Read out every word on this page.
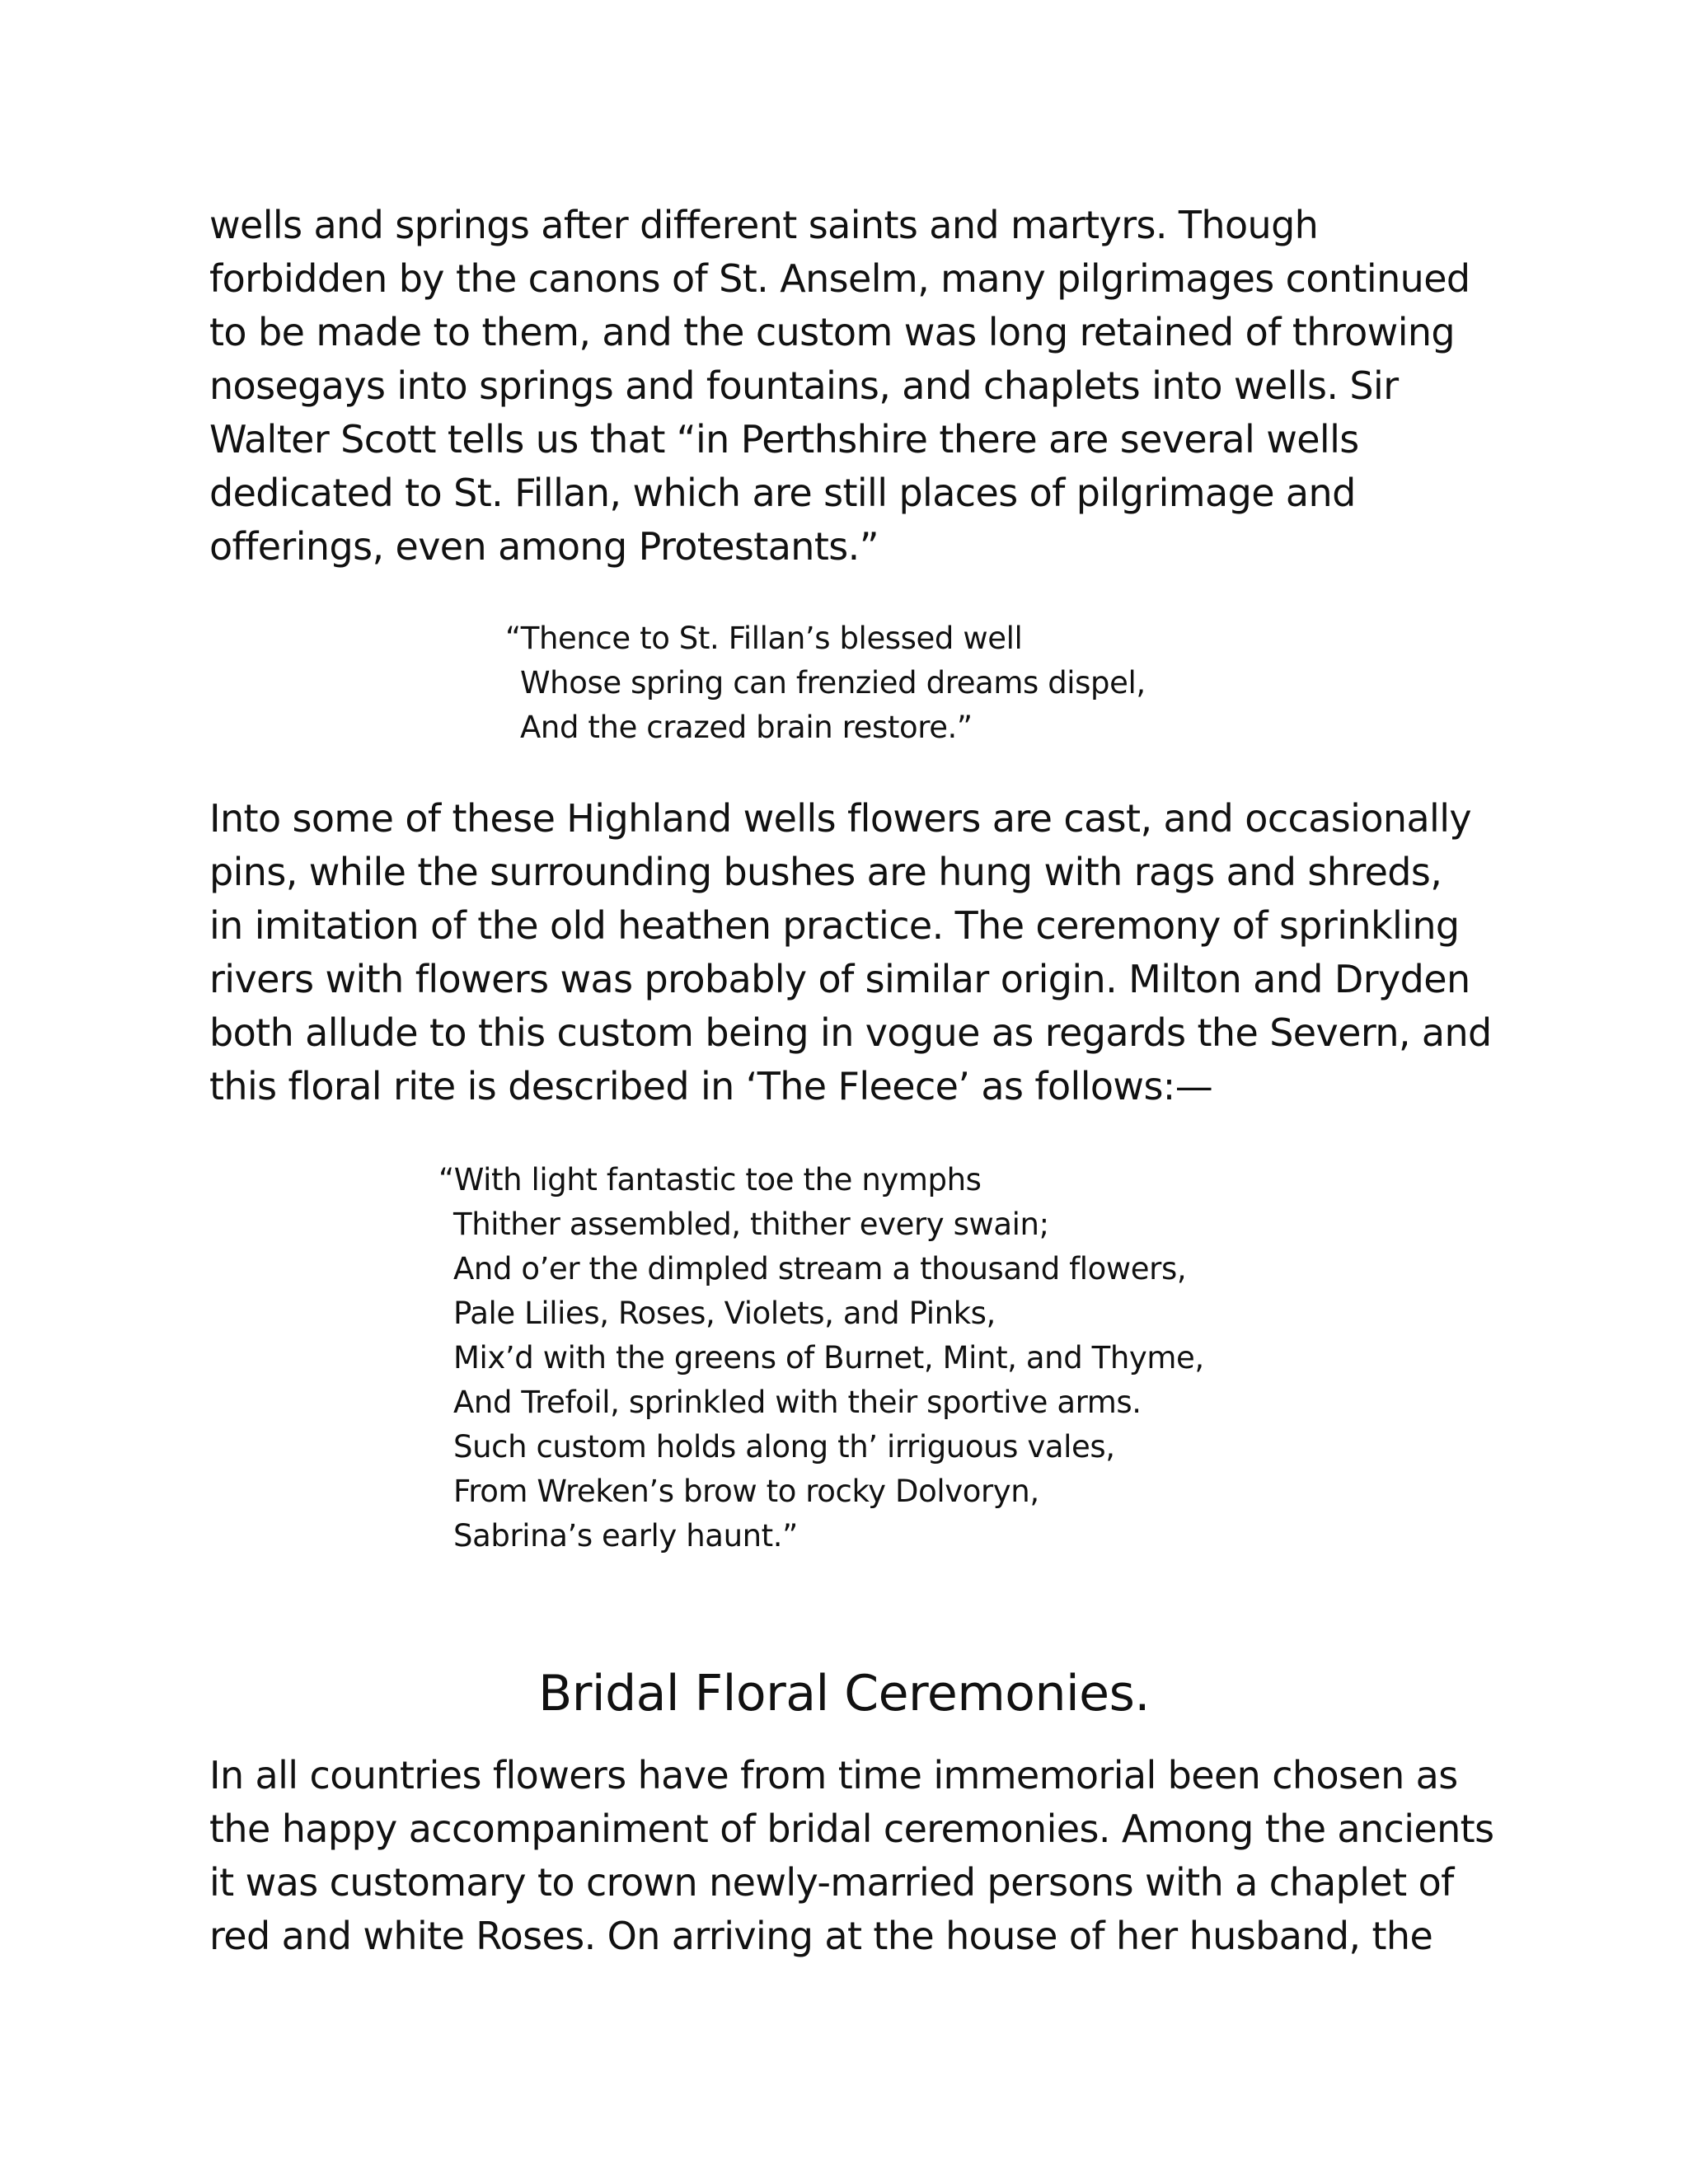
wells and springs after different saints and martyrs. Though
forbidden by the canons of St. Anselm, many pilgrimages continued
to be made to them, and the custom was long retained of throwing
nosegays into springs and fountains, and chaplets into wells. Sir
Walter Scott tells us that “in Perthshire there are several wells
dedicated to St. Fillan, which are still places of pilgrimage and
offerings, even among Protestants.”

“Thence to St. Fillan’s blessed well
Whose spring can frenzied dreams dispel,
And the crazed brain restore.”

Into some of these Highland wells flowers are cast, and occasionally
pins, while the surrounding bushes are hung with rags and shreds,
in imitation of the old heathen practice. The ceremony of sprinkling
rivers with flowers was probably of similar origin. Milton and Dryden
both allude to this custom being in vogue as regards the Severn, and
this floral rite is described in ‘The Fleece’ as follows:—

“With light fantastic toe the nymphs
Thither assembled, thither every swain;
And o’er the dimpled stream a thousand flowers,
Pale Lilies, Roses, Violets, and Pinks,
Mix’d with the greens of Burnet, Mint, and Thyme,
And Trefoil, sprinkled with their sportive arms.
Such custom holds along th’ irriguous vales,
From Wreken’s brow to rocky Dolvoryn,
Sabrina’s early haunt.”
Bridal Floral Ceremonies.

In all countries flowers have from time immemorial been chosen as
the happy accompaniment of bridal ceremonies. Among the ancients
it was customary to crown newly-married persons with a chaplet of
red and white Roses. On arriving at the house of her husband, the
